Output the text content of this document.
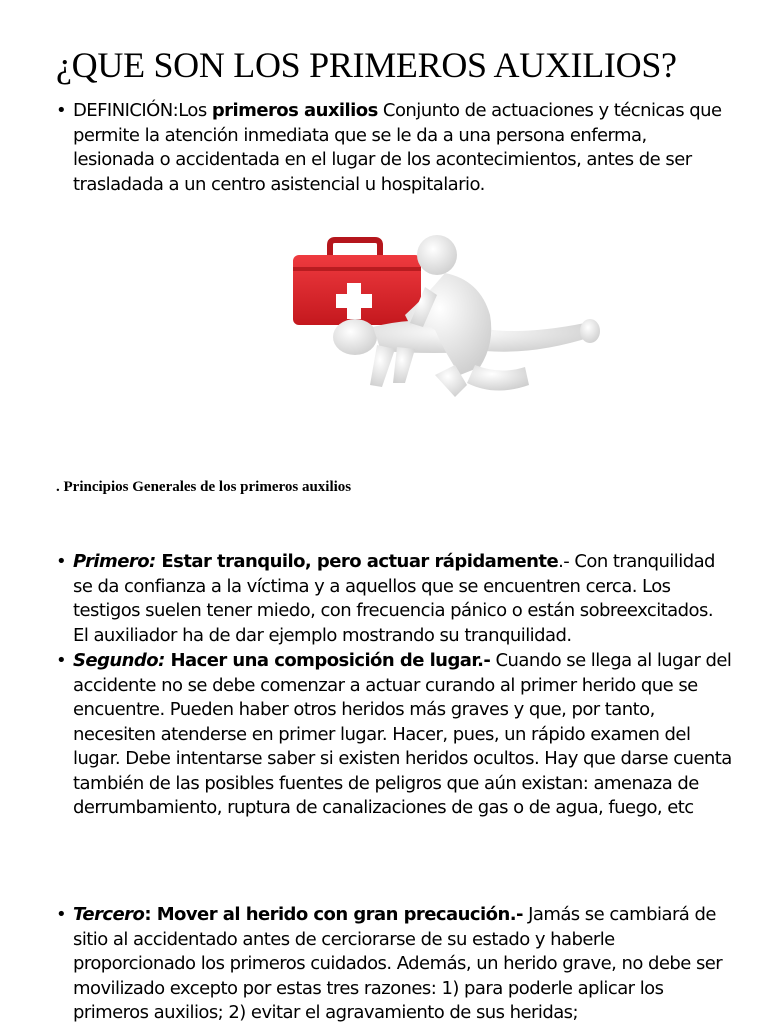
¿QUE SON LOS PRIMEROS AUXILIOS?
• DEFINICIÓN:Los primeros auxilios Conjunto de actuaciones y técnicas que permite la atención inmediata que se le da a una persona enferma, lesionada o accidentada en el lugar de los acontecimientos, antes de ser trasladada a un centro asistencial u hospitalario.

. Principios Generales de los primeros auxilios
• Primero: Estar tranquilo, pero actuar rápidamente.- Con tranquilidad se da confianza a la víctima y a aquellos que se encuentren cerca. Los testigos suelen tener miedo, con frecuencia pánico o están sobreexcitados. El auxiliador ha de dar ejemplo mostrando su tranquilidad.

• Segundo: Hacer una composición de lugar.- Cuando se llega al lugar del accidente no se debe comenzar a actuar curando al primer herido que se encuentre. Pueden haber otros heridos más graves y que, por tanto, necesiten atenderse en primer lugar. Hacer, pues, un rápido examen del lugar. Debe intentarse saber si existen heridos ocultos. Hay que darse cuenta también de las posibles fuentes de peligros que aún existan: amenaza de derrumbamiento, ruptura de canalizaciones de gas o de agua, fuego, etc

• Tercero: Mover al herido con gran precaución.- Jamás se cambiará de sitio al accidentado antes de cerciorarse de su estado y haberle proporcionado los primeros cuidados. Además, un herido grave, no debe ser movilizado excepto por estas tres razones: 1) para poderle aplicar los primeros auxilios; 2) evitar el agravamiento de sus heridas;
